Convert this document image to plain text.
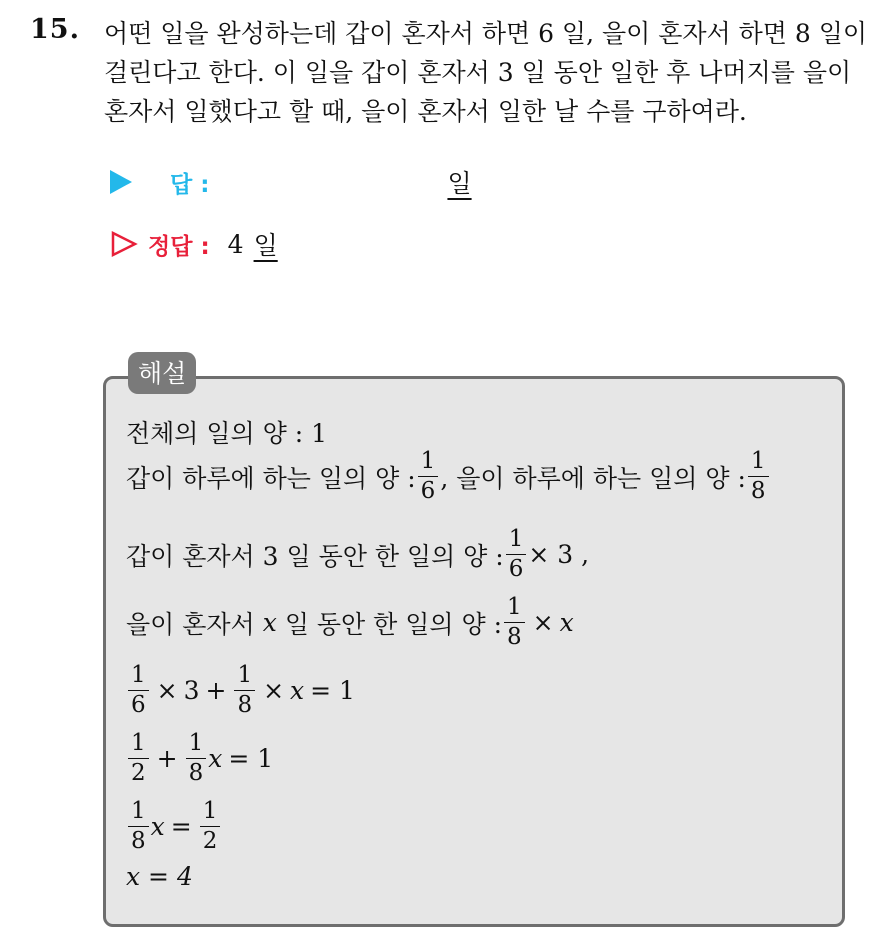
15. 어떤 일을 완성하는데 갑이 혼자서 하면 6 일, 을이 혼자서 하면 8 일이
걸린다고 한다. 이 일을 갑이 혼자서 3 일 동안 일한 후 나머지를 을이
혼자서 일했다고 할 때, 을이 혼자서 일한 날 수를 구하여라.
답 :	일
정답 : 4 일
해설
전체의 일의 양 : 1
갑이 하루에 하는 일의 양 : $\frac{1}{6}$ , 을이 하루에 하는 일의 양 : $\frac{1}{8}$
갑이 혼자서 3 일 동안 한 일의 양 : $\frac{1}{6} \times 3$ ,
을이 혼자서 x 일 동안 한 일의 양 : $\frac{1}{8} \times x$
$\frac{1}{6} \times 3 + \frac{1}{8} \times x = 1$
$\frac{1}{2} + \frac{1}{8}$ x = 1
$\frac{1}{8}$ $x = \frac{1}{2}$
x = 4
